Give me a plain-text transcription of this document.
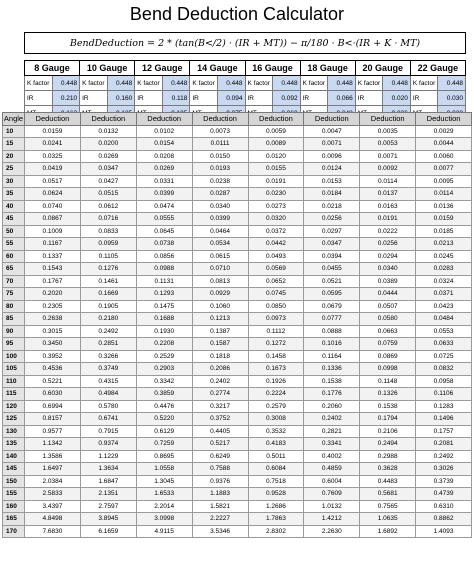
Bend Deduction Calculator
BendDeduction = 2 * (tan(B</2) · (IR + MT)) − π/180 · B<·(IR + K · MT)
8 Gauge		10 Gauge		12 Gauge		14 Gauge		16 Gauge		18 Gauge		20 Gauge		22 Gauge	
K factor	0.448	K factor	0.448	K factor	0.448	K factor	0.448	K factor	0.448	K factor	0.448	K factor	0.448	K factor	0.448
IR	0.210	IR	0.160	IR	0.118	IR	0.094	IR	0.092	IR	0.066	IR	0.020	IR	0.030

Angle	Deduction	Deduction	Deduction	Deduction	Deduction	Deduction	Deduction	Deduction
10	0.0159	0.0132	0.0102	0.0073	0.0059	0.0047	0.0035	0.0029
15	0.0241	0.0200	0.0154	0.0111	0.0089	0.0071	0.0053	0.0044
20	0.0325	0.0269	0.0208	0.0150	0.0120	0.0096	0.0071	0.0060
25	0.0419	0.0347	0.0269	0.0193	0.0155	0.0124	0.0092	0.0077
30	0.0517	0.0427	0.0331	0.0238	0.0191	0.0153	0.0114	0.0095
35	0.0624	0.0515	0.0399	0.0287	0.0230	0.0184	0.0137	0.0114
40	0.0740	0.0612	0.0474	0.0340	0.0273	0.0218	0.0163	0.0136
45	0.0867	0.0716	0.0555	0.0399	0.0320	0.0256	0.0191	0.0159
50	0.1009	0.0833	0.0645	0.0464	0.0372	0.0297	0.0222	0.0185
55	0.1167	0.0959	0.0738	0.0534	0.0442	0.0347	0.0256	0.0213
60	0.1337	0.1105	0.0856	0.0615	0.0493	0.0394	0.0294	0.0245
65	0.1543	0.1276	0.0988	0.0710	0.0569	0.0455	0.0340	0.0283
70	0.1767	0.1461	0.1131	0.0813	0.0652	0.0521	0.0389	0.0324
75	0.2020	0.1669	0.1293	0.0929	0.0745	0.0595	0.0444	0.0371
80	0.2305	0.1905	0.1475	0.1060	0.0850	0.0679	0.0507	0.0423
85	0.2638	0.2180	0.1688	0.1213	0.0973	0.0777	0.0580	0.0484
90	0.3015	0.2492	0.1930	0.1387	0.1112	0.0888	0.0663	0.0553
95	0.3450	0.2851	0.2208	0.1587	0.1272	0.1016	0.0759	0.0633
100	0.3952	0.3266	0.2529	0.1818	0.1458	0.1164	0.0869	0.0725
105	0.4536	0.3749	0.2903	0.2086	0.1673	0.1336	0.0998	0.0832
110	0.5221	0.4315	0.3342	0.2402	0.1926	0.1538	0.1148	0.0958
115	0.6030	0.4984	0.3859	0.2774	0.2224	0.1776	0.1326	0.1106
120	0.6994	0.5780	0.4476	0.3217	0.2579	0.2060	0.1538	0.1283
125	0.8157	0.6741	0.5220	0.3752	0.3008	0.2402	0.1794	0.1496
130	0.9577	0.7915	0.6129	0.4405	0.3532	0.2821	0.2106	0.1757
135	1.1342	0.9374	0.7259	0.5217	0.4183	0.3341	0.2494	0.2081
140	1.3586	1.1229	0.8695	0.6249	0.5011	0.4002	0.2988	0.2492
145	1.6497	1.3634	1.0558	0.7588	0.6084	0.4859	0.3628	0.3026
150	2.0384	1.6847	1.3045	0.9376	0.7518	0.6004	0.4483	0.3739
155	2.5833	2.1351	1.6533	1.1883	0.9528	0.7609	0.5681	0.4739
160	3.4397	2.7597	2.2014	1.5821	1.2686	1.0132	0.7565	0.6310
165	4.8498	3.8945	3.0998	2.2227	1.7863	1.4212	1.0635	0.8862
170	7.6830	6.1659	4.9115	3.5346	2.8302	2.2630	1.6892	1.4093
